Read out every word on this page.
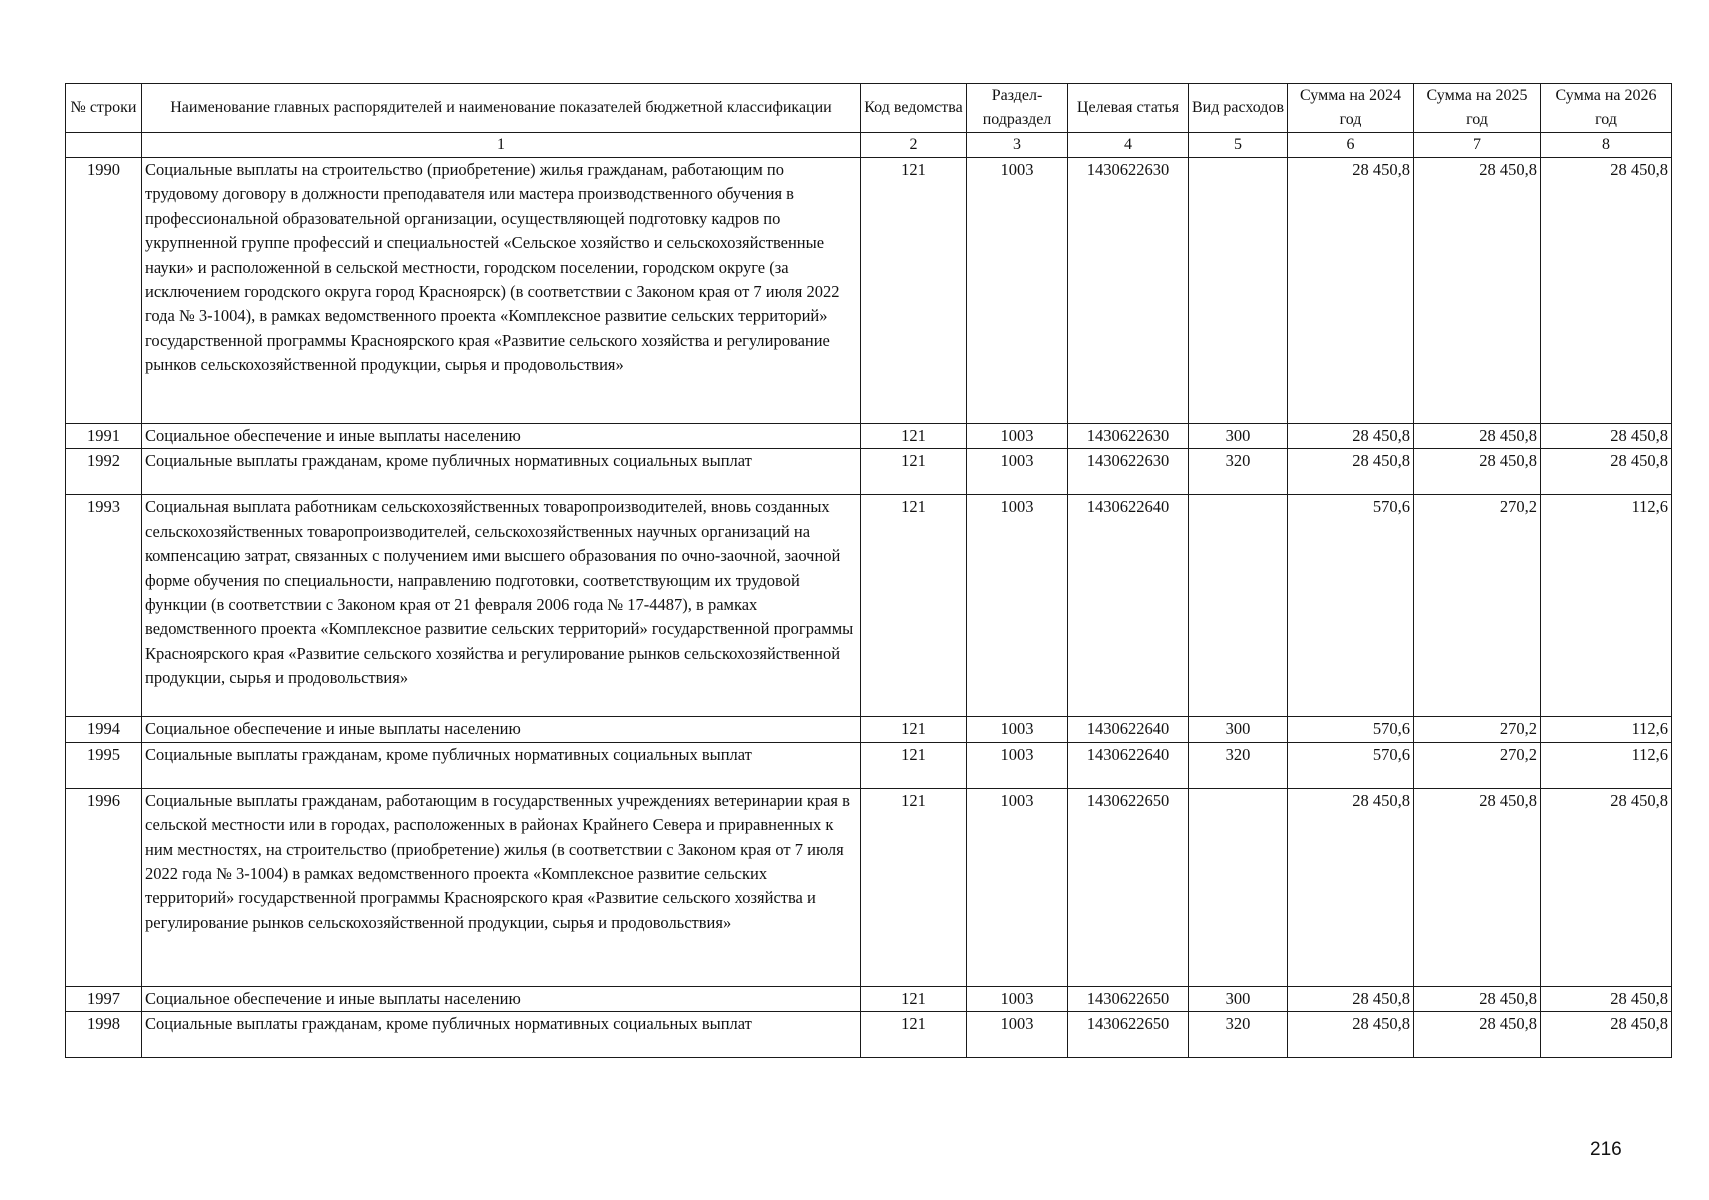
№ строки	Наименование главных распорядителей и наименование показателей бюджетной классификации	Код ведомства	Раздел-подраздел	Целевая статья	Вид расходов	Сумма на 2024 год	Сумма на 2025 год	Сумма на 2026 год
	1	2	3	4	5	6	7	8
1990	Социальные выплаты на строительство (приобретение) жилья гражданам, работающим по трудовому договору в должности преподавателя или мастера производственного обучения в профессиональной образовательной организации, осуществляющей подготовку кадров по укрупненной группе профессий и специальностей «Сельское хозяйство и сельскохозяйственные науки» и расположенной в сельской местности, городском поселении, городском округе (за исключением городского округа город Красноярск) (в соответствии с Законом края от 7 июля 2022 года № 3-1004), в рамках ведомственного проекта «Комплексное развитие сельских территорий» государственной программы Красноярского края «Развитие сельского хозяйства и регулирование рынков сельскохозяйственной продукции, сырья и продовольствия»	121	1003	1430622630		28 450,8	28 450,8	28 450,8
1991	Социальное обеспечение и иные выплаты населению	121	1003	1430622630	300	28 450,8	28 450,8	28 450,8
1992	Социальные выплаты гражданам, кроме публичных нормативных социальных выплат	121	1003	1430622630	320	28 450,8	28 450,8	28 450,8
1993	Социальная выплата работникам сельскохозяйственных товаропроизводителей, вновь созданных сельскохозяйственных товаропроизводителей, сельскохозяйственных научных организаций на компенсацию затрат, связанных с получением ими высшего образования по очно-заочной, заочной форме обучения по специальности, направлению подготовки, соответствующим их трудовой функции (в соответствии с Законом края от 21 февраля 2006 года № 17-4487), в рамках ведомственного проекта «Комплексное развитие сельских территорий» государственной программы Красноярского края «Развитие сельского хозяйства и регулирование рынков сельскохозяйственной продукции, сырья и продовольствия»	121	1003	1430622640		570,6	270,2	112,6
1994	Социальное обеспечение и иные выплаты населению	121	1003	1430622640	300	570,6	270,2	112,6
1995	Социальные выплаты гражданам, кроме публичных нормативных социальных выплат	121	1003	1430622640	320	570,6	270,2	112,6
1996	Социальные выплаты гражданам, работающим в государственных учреждениях ветеринарии края в сельской местности или в городах, расположенных в районах Крайнего Севера и приравненных к ним местностях, на строительство (приобретение) жилья (в соответствии с Законом края от 7 июля 2022 года № 3-1004) в рамках ведомственного проекта «Комплексное развитие сельских территорий» государственной программы Красноярского края «Развитие сельского хозяйства и регулирование рынков сельскохозяйственной продукции, сырья и продовольствия»	121	1003	1430622650		28 450,8	28 450,8	28 450,8
1997	Социальное обеспечение и иные выплаты населению	121	1003	1430622650	300	28 450,8	28 450,8	28 450,8
1998	Социальные выплаты гражданам, кроме публичных нормативных социальных выплат	121	1003	1430622650	320	28 450,8	28 450,8	28 450,8
216
